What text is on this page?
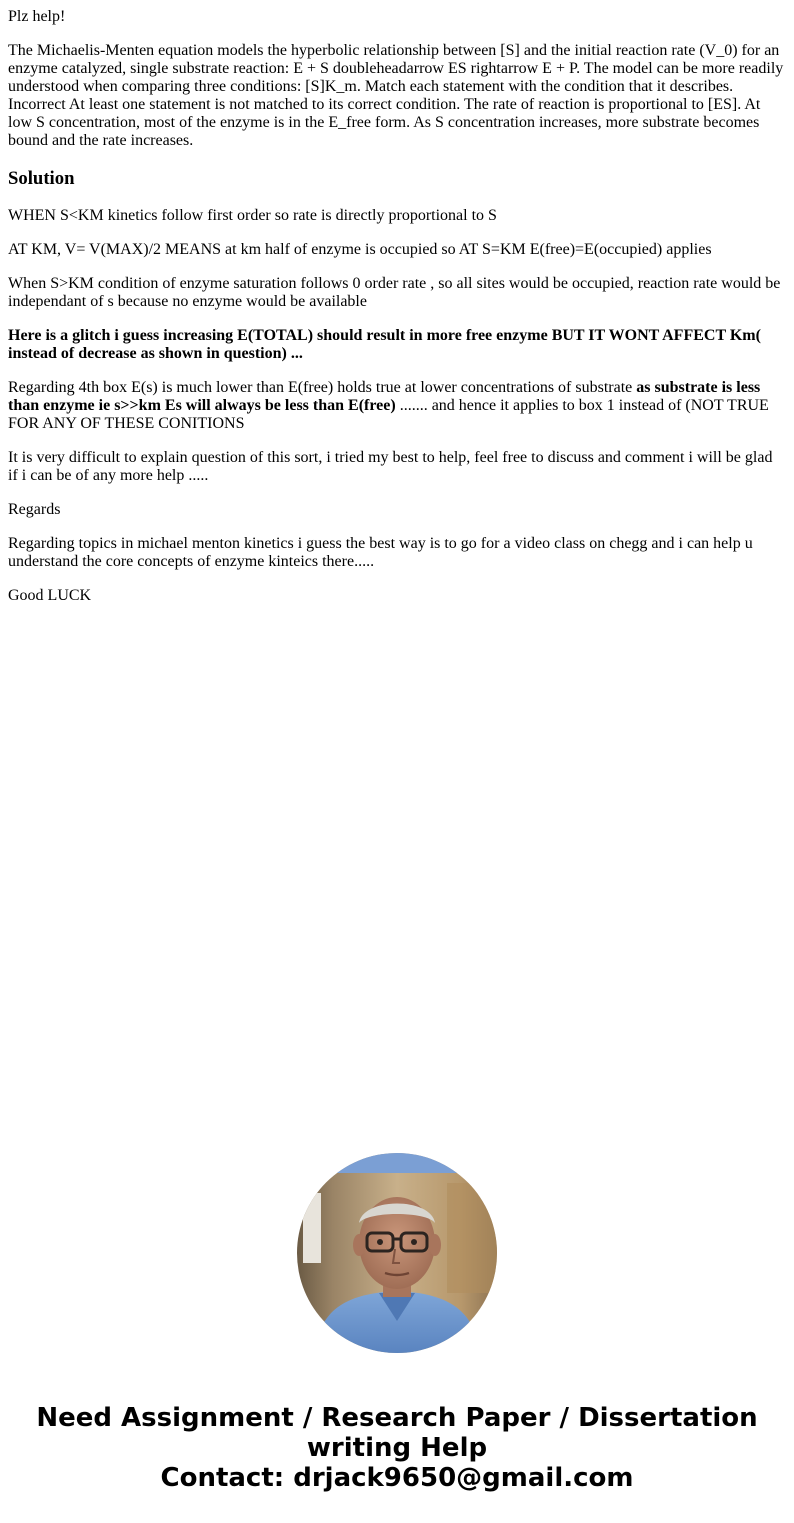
Plz help!

The Michaelis-Menten equation models the hyperbolic relationship between [S] and the initial reaction rate (V_0) for an enzyme catalyzed, single substrate reaction: E + S doubleheadarrow ES rightarrow E + P. The model can be more readily understood when comparing three conditions: [S]K_m. Match each statement with the condition that it describes. Incorrect At least one statement is not matched to its correct condition. The rate of reaction is proportional to [ES]. At low S concentration, most of the enzyme is in the E_free form. As S concentration increases, more substrate becomes bound and the rate increases.

Solution

WHEN S<KM kinetics follow first order so rate is directly proportional to S

AT KM, V= V(MAX)/2 MEANS at km half of enzyme is occupied so AT S=KM E(free)=E(occupied) applies

When S>KM condition of enzyme saturation follows 0 order rate , so all sites would be occupied, reaction rate would be independant of s because no enzyme would be available

Here is a glitch i guess increasing E(TOTAL) should result in more free enzyme BUT IT WONT AFFECT Km( instead of decrease as shown in question) ...

Regarding 4th box E(s) is much lower than E(free) holds true at lower concentrations of substrate as substrate is less than enzyme ie s>>km Es will always be less than E(free) ....... and hence it applies to box 1 instead of (NOT TRUE FOR ANY OF THESE CONITIONS

It is very difficult to explain question of this sort, i tried my best to help, feel free to discuss and comment i will be glad if i can be of any more help .....

Regards

Regarding topics in michael menton kinetics i guess the best way is to go for a video class on chegg and i can help u understand the core concepts of enzyme kinteics there.....

Good LUCK

Need Assignment / Research Paper / Dissertation
writing Help
Contact: drjack9650@gmail.com
